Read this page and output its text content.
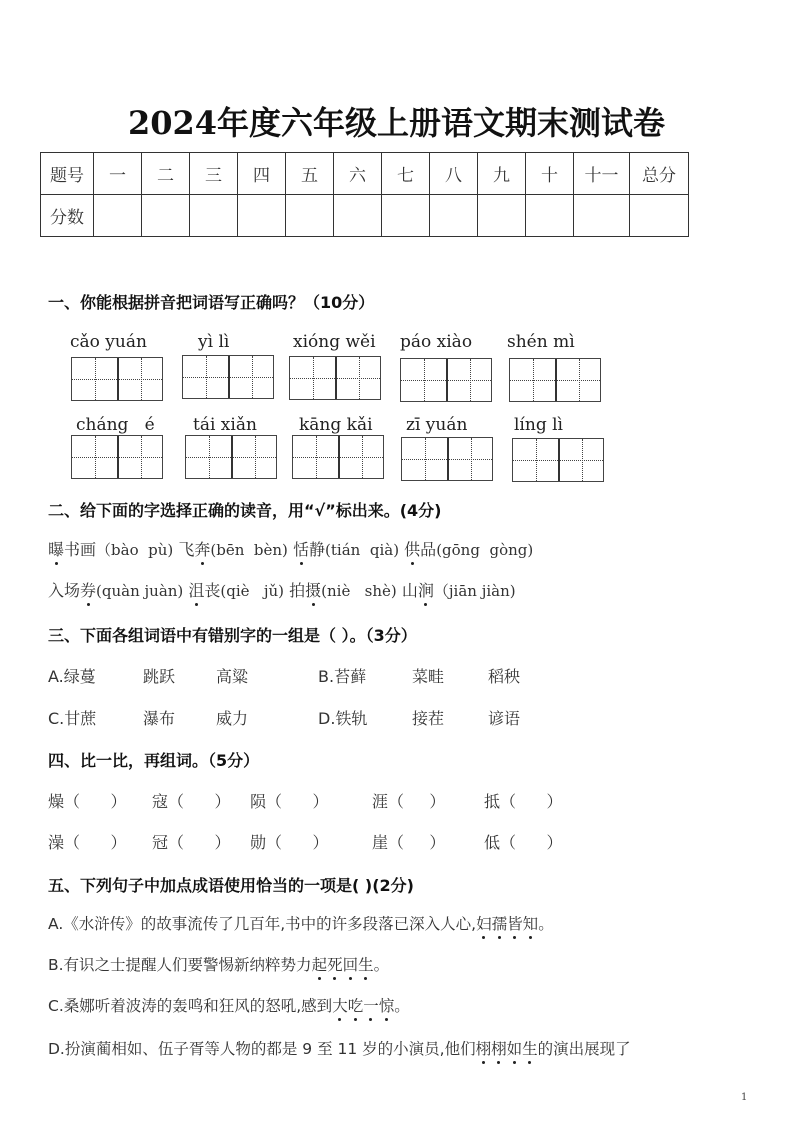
2024年度六年级上册语文期末测试卷
题号	一	二	三	四	五	六	七	八	九	十	十一	总分
分数												
一、你能根据拼音把词语写正确吗？（10分）
cǎo yuán	yì lì	xióng wěi páo xiào shén mì
cháng   é tái xiǎn kāng kǎi zī yuán	líng lì
二、给下面的字选择正确的读音，用“√”标出来。(4分)
曝书画（bào  pù) 飞奔(bēn  bèn) 恬静(tián  qià) 供品(gōng  gòng)
入场券(quàn juàn) 沮丧(qiè   jǔ) 拍摄(niè   shè) 山涧（jiān jiàn)
三、下面各组词语中有错别字的一组是（ ）。（3分）
A.绿蔓	跳跃	高粱	B.苔藓	菜畦	稻秧
C.甘蔗	瀑布	威力	D.铁轨	接茬	谚语
四、比一比，再组词。（5分）
燥（      ） 寇（      ） 陨（      ）	涯（     ） 抵（      ）
澡（      ） 冠（      ） 勋（      ）	崖（     ） 低（      ）
五、下列句子中加点成语使用恰当的一项是( )(2分)
A.《水浒传》的故事流传了几百年,书中的许多段落已深入人心,妇孺皆知。
B.有识之士提醒人们要警惕新纳粹势力起死回生。
C.桑娜听着波涛的轰鸣和狂风的怒吼,感到大吃一惊。
D.扮演蔺相如、伍子胥等人物的都是 9 至 11 岁的小演员,他们栩栩如生的演出展现了
1
